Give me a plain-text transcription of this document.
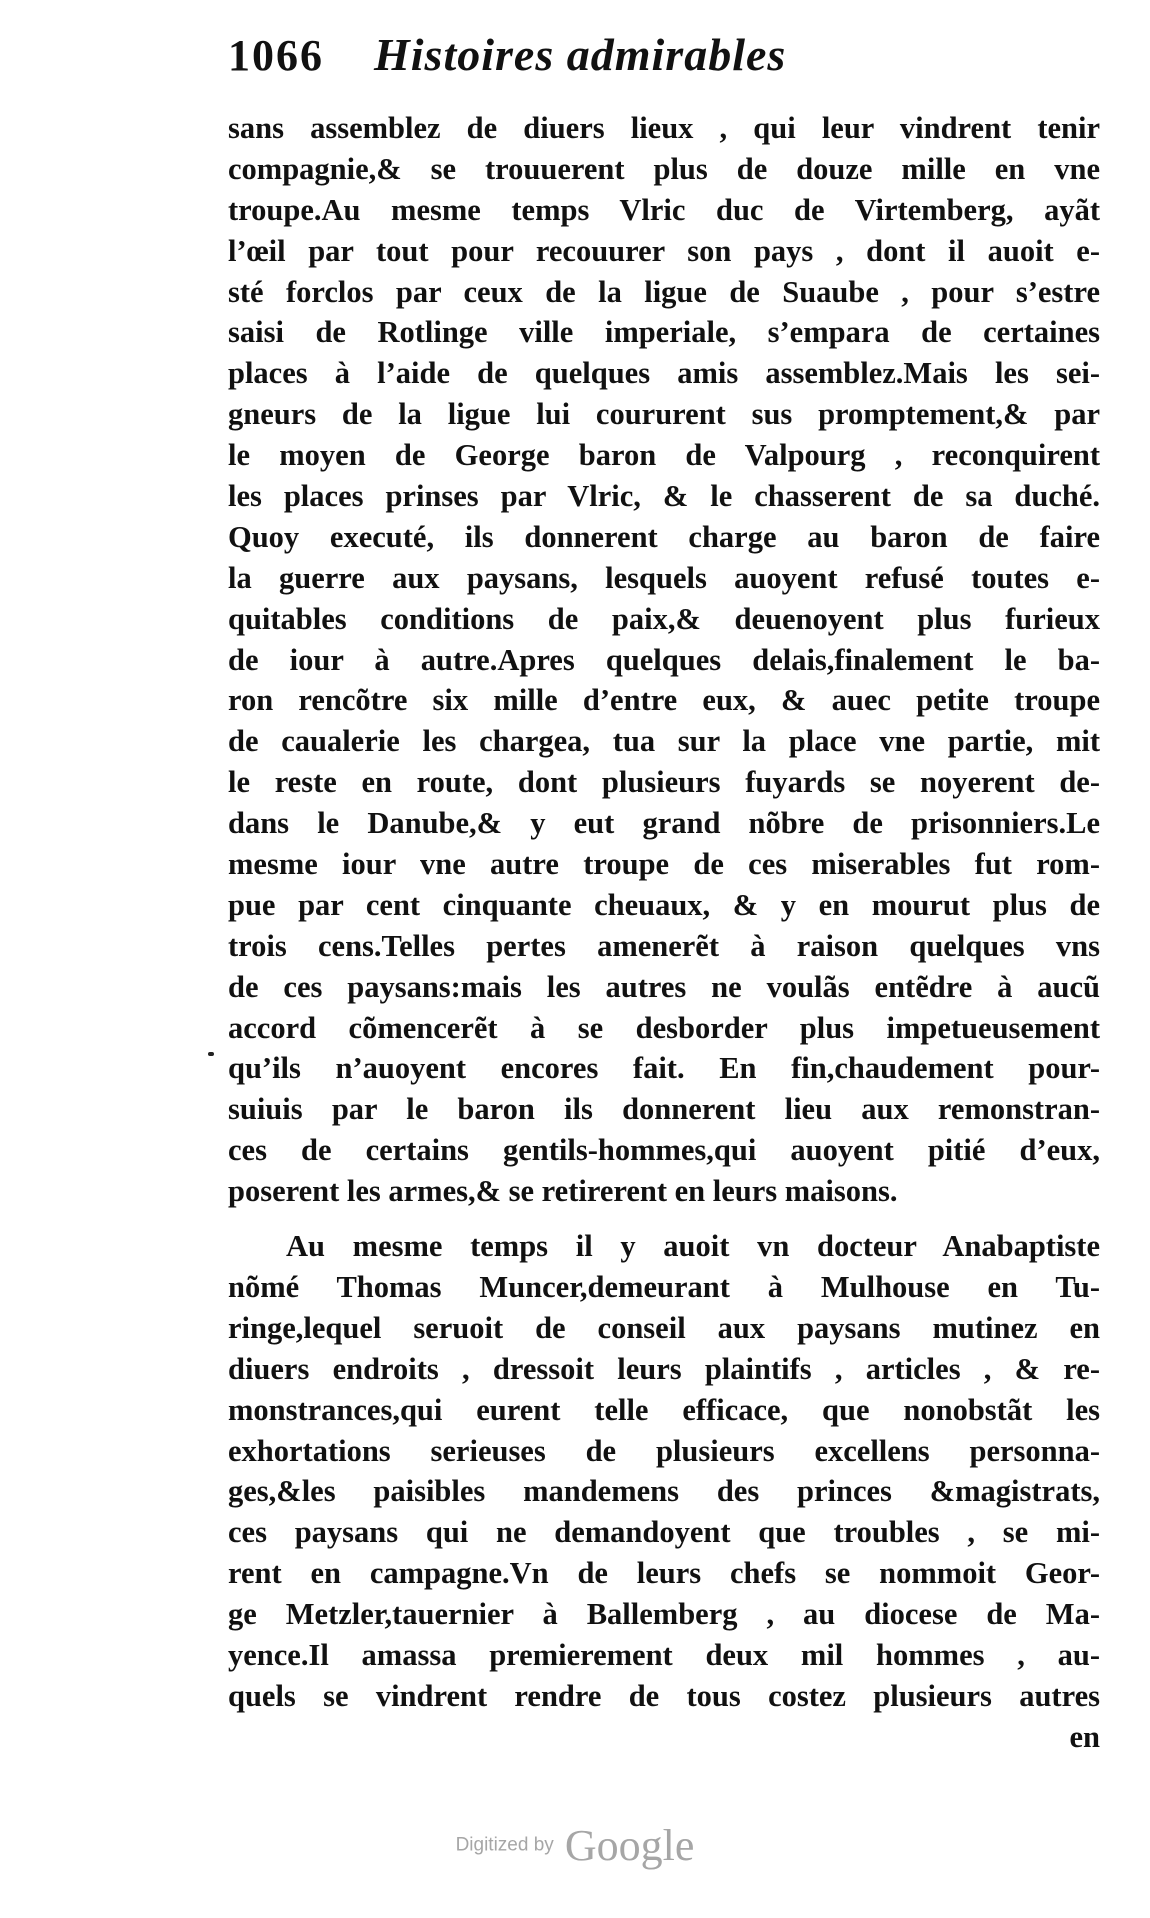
1066 Histoires admirables
sans assemblez de diuers lieux , qui leur vindrent tenir
compagnie,& se trouuerent plus de douze mille en vne
troupe.Au mesme temps Vlric duc de Virtemberg, ayãt
l’œil par tout pour recouurer son pays , dont il auoit e-
sté forclos par ceux de la ligue de Suaube , pour s’estre
saisi de Rotlinge ville imperiale, s’empara de certaines
places à l’aide de quelques amis assemblez.Mais les sei-
gneurs de la ligue lui coururent sus promptement,& par
le moyen de George baron de Valpourg , reconquirent
les places prinses par Vlric, & le chasserent de sa duché.
Quoy executé, ils donnerent charge au baron de faire
la guerre aux paysans, lesquels auoyent refusé toutes e-
quitables conditions de paix,& deuenoyent plus furieux
de iour à autre.Apres quelques delais,finalement le ba-
ron rencõtre six mille d’entre eux, & auec petite troupe
de caualerie les chargea, tua sur la place vne partie, mit
le reste en route, dont plusieurs fuyards se noyerent de-
dans le Danube,& y eut grand nõbre de prisonniers.Le
mesme iour vne autre troupe de ces miserables fut rom-
pue par cent cinquante cheuaux, & y en mourut plus de
trois cens.Telles pertes amenerẽt à raison quelques vns
de ces paysans:mais les autres ne voulãs entẽdre à aucũ
accord cõmencerẽt à se desborder plus impetueusement
qu’ils n’auoyent encores fait. En fin,chaudement pour-
suiuis par le baron ils donnerent lieu aux remonstran-
ces de certains gentils-hommes,qui auoyent pitié d’eux,
poserent les armes,& se retirerent en leurs maisons.
Au mesme temps il y auoit vn docteur Anabaptiste
nõmé Thomas Muncer,demeurant à Mulhouse en Tu-
ringe,lequel seruoit de conseil aux paysans mutinez en
diuers endroits , dressoit leurs plaintifs , articles , & re-
monstrances,qui eurent telle efficace, que nonobstãt les
exhortations serieuses de plusieurs excellens personna-
ges,&les paisibles mandemens des princes &magistrats,
ces paysans qui ne demandoyent que troubles , se mi-
rent en campagne.Vn de leurs chefs se nommoit Geor-
ge Metzler,tauernier à Ballemberg , au diocese de Ma-
yence.Il amassa premierement deux mil hommes , au-
quels se vindrent rendre de tous costez plusieurs autres
en
Digitized by Google
